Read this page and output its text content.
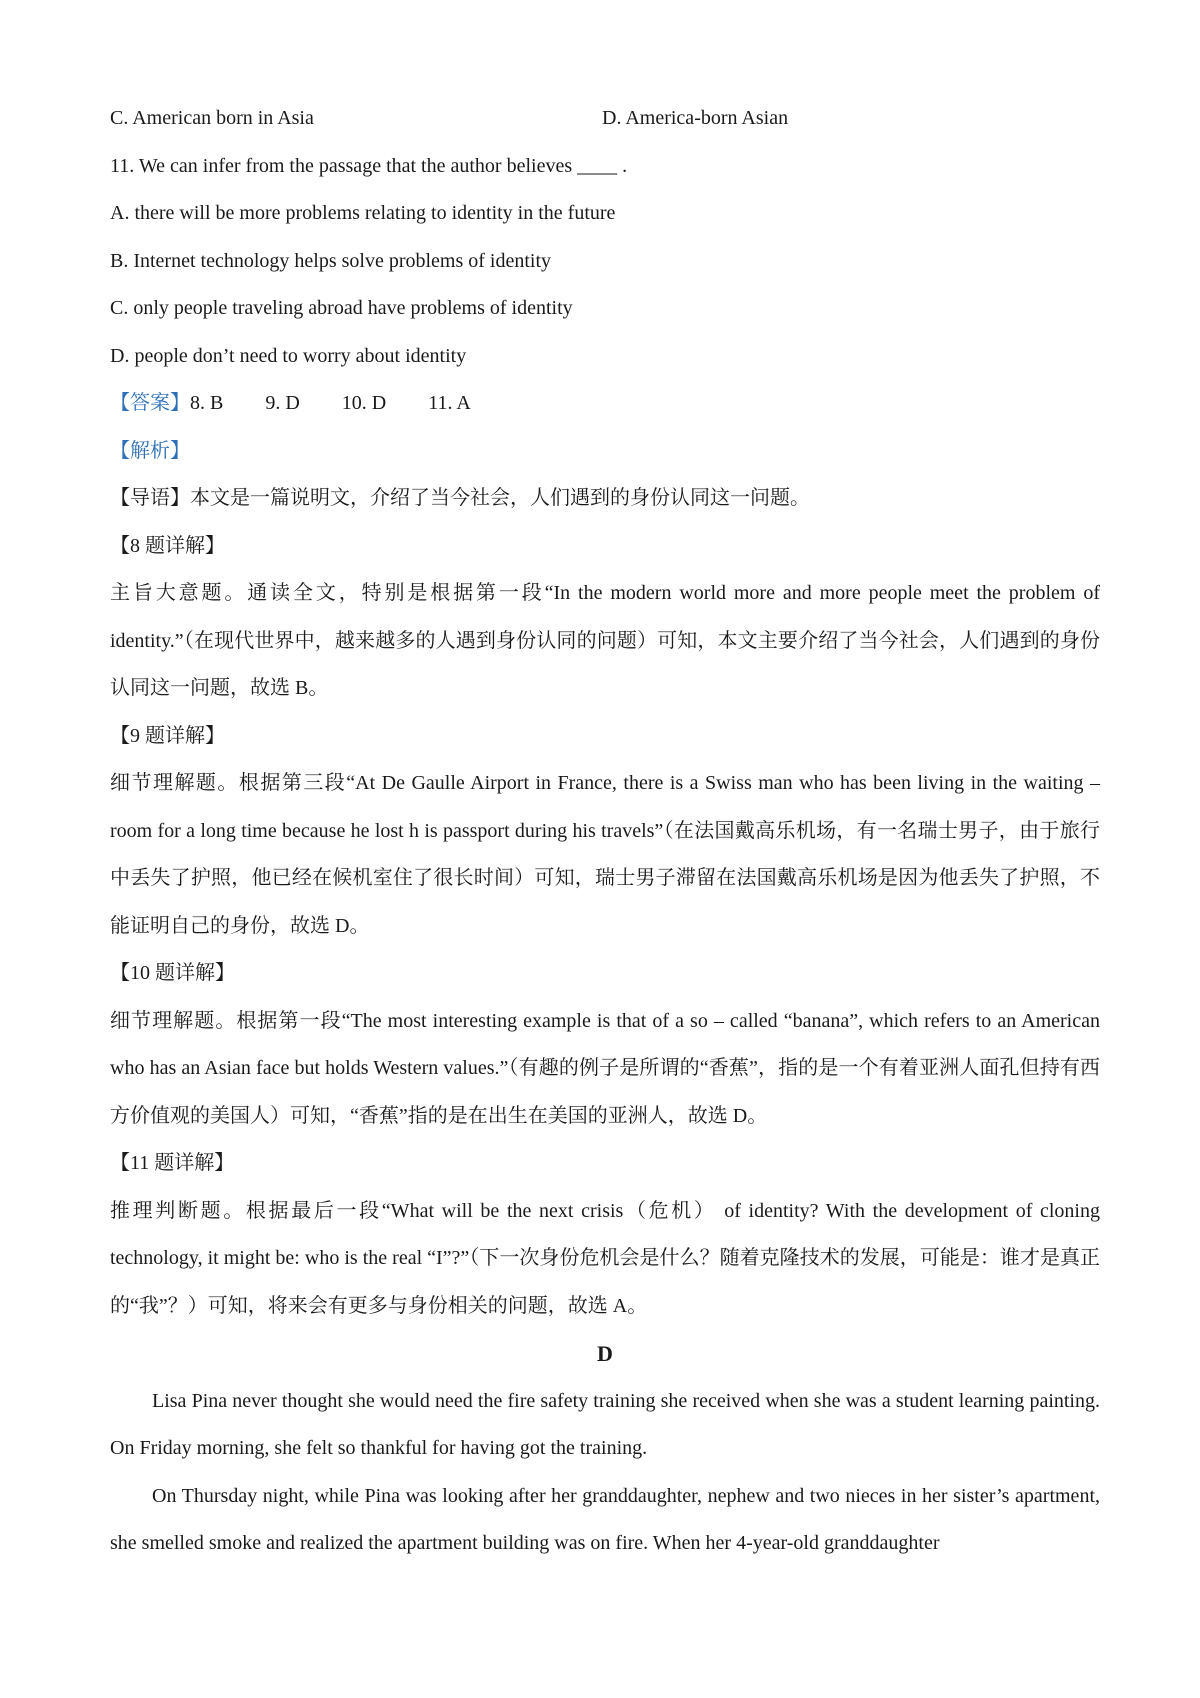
C. American born in Asia	D. America-born Asian
11. We can infer from the passage that the author believes ____ .
A. there will be more problems relating to identity in the future
B. Internet technology helps solve problems of identity
C. only people traveling abroad have problems of identity
D. people don’t need to worry about identity
【答案】8. B 9. D 10. D 11. A
【解析】
【导语】本文是一篇说明文，介绍了当今社会，人们遇到的身份认同这一问题。
【8 题详解】
主旨大意题。通读全文，特别是根据第一段“In the modern world more and more people meet the problem of identity.”（在现代世界中，越来越多的人遇到身份认同的问题）可知，本文主要介绍了当今社会，人们遇到的身份认同这一问题，故选 B。
【9 题详解】
细节理解题。根据第三段“At De Gaulle Airport in France, there is a Swiss man who has been living in the waiting – room for a long time because he lost h is passport during his travels”（在法国戴高乐机场，有一名瑞士男子，由于旅行中丢失了护照，他已经在候机室住了很长时间）可知，瑞士男子滞留在法国戴高乐机场是因为他丢失了护照，不能证明自己的身份，故选 D。
【10 题详解】
细节理解题。根据第一段“The most interesting example is that of a so – called “banana”, which refers to an American who has an Asian face but holds Western values.”（有趣的例子是所谓的“香蕉”，指的是一个有着亚洲人面孔但持有西方价值观的美国人）可知，“香蕉”指的是在出生在美国的亚洲人，故选 D。
【11 题详解】
推理判断题。根据最后一段“What will be the next crisis（危机） of identity? With the development of cloning technology, it might be: who is the real “I”?”（下一次身份危机会是什么？随着克隆技术的发展，可能是：谁才是真正的“我”？）可知，将来会有更多与身份相关的问题，故选 A。
D
Lisa Pina never thought she would need the fire safety training she received when she was a student learning painting. On Friday morning, she felt so thankful for having got the training.
On Thursday night, while Pina was looking after her granddaughter, nephew and two nieces in her sister’s apartment, she smelled smoke and realized the apartment building was on fire. When her 4-year-old granddaughter
